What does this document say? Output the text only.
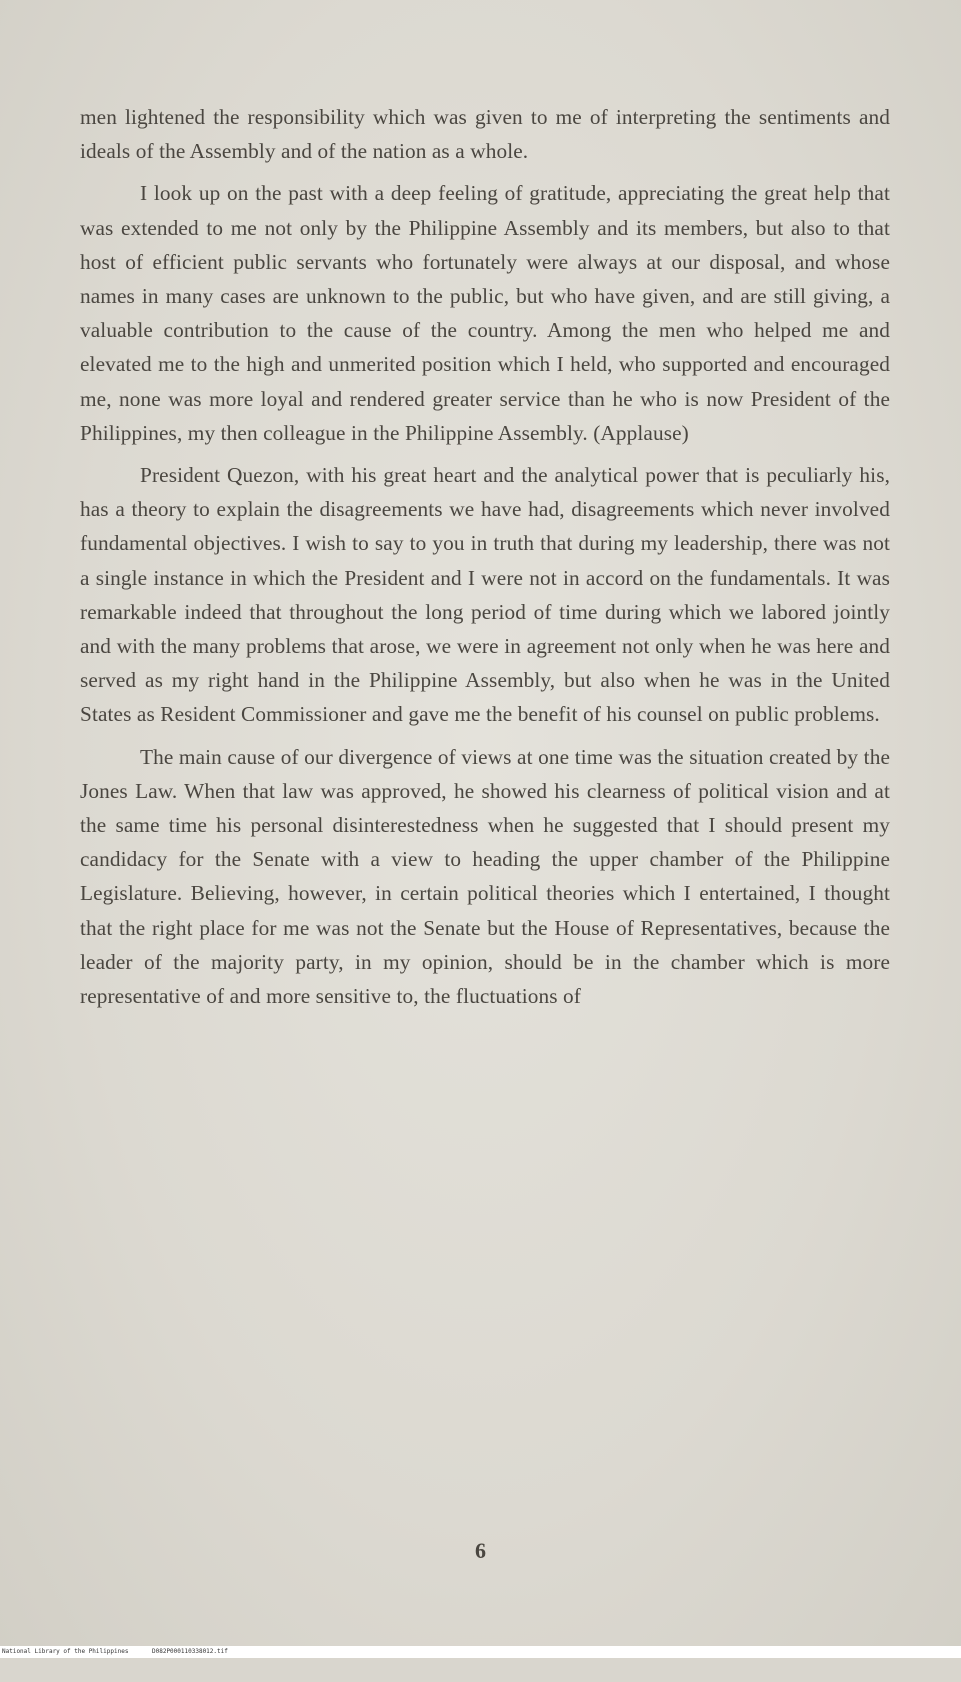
men lightened the responsibility which was given to me of interpreting the sentiments and ideals of the Assembly and of the nation as a whole.

I look up on the past with a deep feeling of gratitude, appreciating the great help that was extended to me not only by the Philippine Assembly and its members, but also to that host of efficient public servants who fortunately were always at our disposal, and whose names in many cases are unknown to the public, but who have given, and are still giving, a valuable contribution to the cause of the country. Among the men who helped me and elevated me to the high and unmerited position which I held, who supported and encouraged me, none was more loyal and rendered greater service than he who is now President of the Philippines, my then colleague in the Philippine Assembly. (Applause)

President Quezon, with his great heart and the analytical power that is peculiarly his, has a theory to explain the disagreements we have had, disagreements which never involved fundamental objectives. I wish to say to you in truth that during my leadership, there was not a single instance in which the President and I were not in accord on the fundamentals. It was remarkable indeed that throughout the long period of time during which we labored jointly and with the many problems that arose, we were in agreement not only when he was here and served as my right hand in the Philippine Assembly, but also when he was in the United States as Resident Commissioner and gave me the benefit of his counsel on public problems.

The main cause of our divergence of views at one time was the situation created by the Jones Law. When that law was approved, he showed his clearness of political vision and at the same time his personal disinterestedness when he suggested that I should present my candidacy for the Senate with a view to heading the upper chamber of the Philippine Legislature. Believing, however, in certain political theories which I entertained, I thought that the right place for me was not the Senate but the House of Representatives, because the leader of the majority party, in my opinion, should be in the chamber which is more representative of and more sensitive to, the fluctuations of

6

National Library of the Philippines

	D082P000110338012.tif
